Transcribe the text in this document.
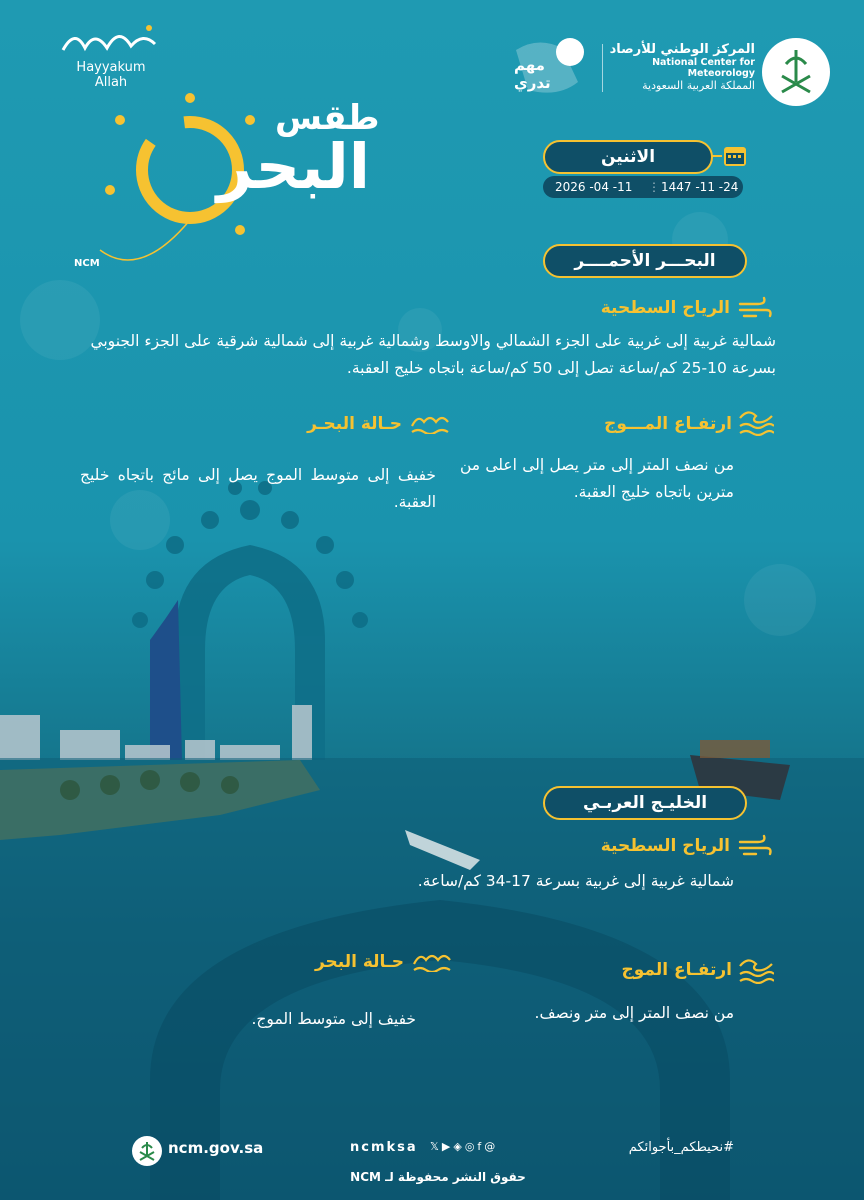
المركز الوطني للأرصاد
National Center for Meteorology
المملكة العربية السعودية
مهم
تدري
Hayyakum Allah
طقس
البحر
NCM
الاثنين
2026 -04 -11 ⋮ 1447 -11 -24
البحـــر الأحمــــر
الرياح السطحية
شمالية غربية إلى غربية على الجزء الشمالي والاوسط وشمالية غربية إلى شمالية شرقية على الجزء الجنوبي بسرعة 10-25 كم/ساعة تصل إلى 50 كم/ساعة باتجاه خليج العقبة.
ارتفـاع المـــوج
من نصف المتر إلى متر يصل إلى اعلى من مترين باتجاه خليج العقبة.
حـالة البحـر
خفيف إلى متوسط الموج يصل إلى مائج باتجاه خليج العقبة.
الخليـج العربـي
الرياح السطحية
شمالية غربية إلى غربية بسرعة 17-34 كم/ساعة.
ارتفـاع الموج
من نصف المتر إلى متر ونصف.
حـالة البحر
خفيف إلى متوسط الموج.
ncm.gov.sa	ncmksa 𝕏 ▶ ◈ ◎ f @
حقوق النشر محفوظة لـ NCM
#نحيطكم_بأجوائكم
